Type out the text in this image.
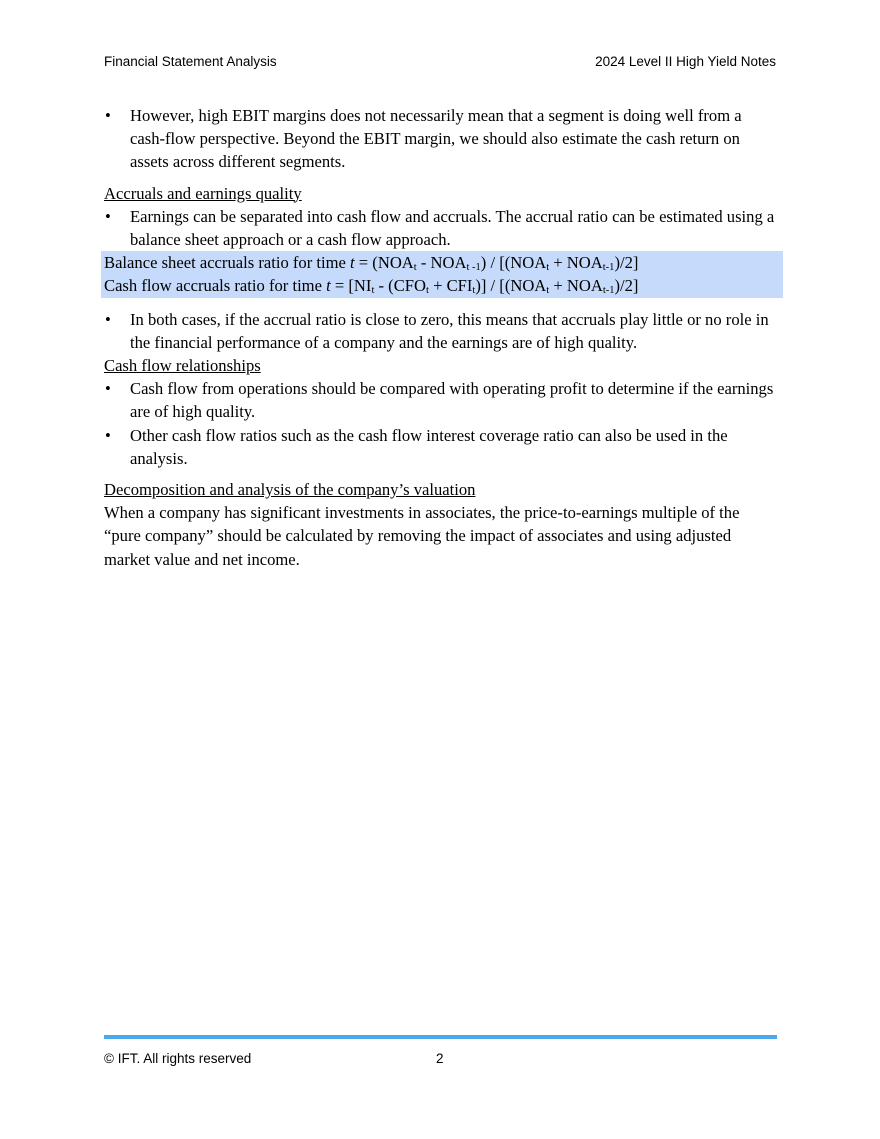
Financial Statement Analysis	2024 Level II High Yield Notes
• However, high EBIT margins does not necessarily mean that a segment is doing well from a cash-flow perspective. Beyond the EBIT margin, we should also estimate the cash return on assets across different segments.
Accruals and earnings quality
• Earnings can be separated into cash flow and accruals. The accrual ratio can be estimated using a balance sheet approach or a cash flow approach.
Balance sheet accruals ratio for time $t = (NOA_t - NOA_{t -1}) / [(NOA_t + NOA_{t-1})/2]$
Cash flow accruals ratio for time $t = [NI_t - (CFO_t + CFI_t)] / [(NOA_t + NOA_{t-1})/2]$
• In both cases, if the accrual ratio is close to zero, this means that accruals play little or no role in the financial performance of a company and the earnings are of high quality.
Cash flow relationships
• Cash flow from operations should be compared with operating profit to determine if the earnings are of high quality.
• Other cash flow ratios such as the cash flow interest coverage ratio can also be used in the analysis.
Decomposition and analysis of the company’s valuation
When a company has significant investments in associates, the price-to-earnings multiple of the “pure company” should be calculated by removing the impact of associates and using adjusted market value and net income.
© IFT. All rights reserved	2
